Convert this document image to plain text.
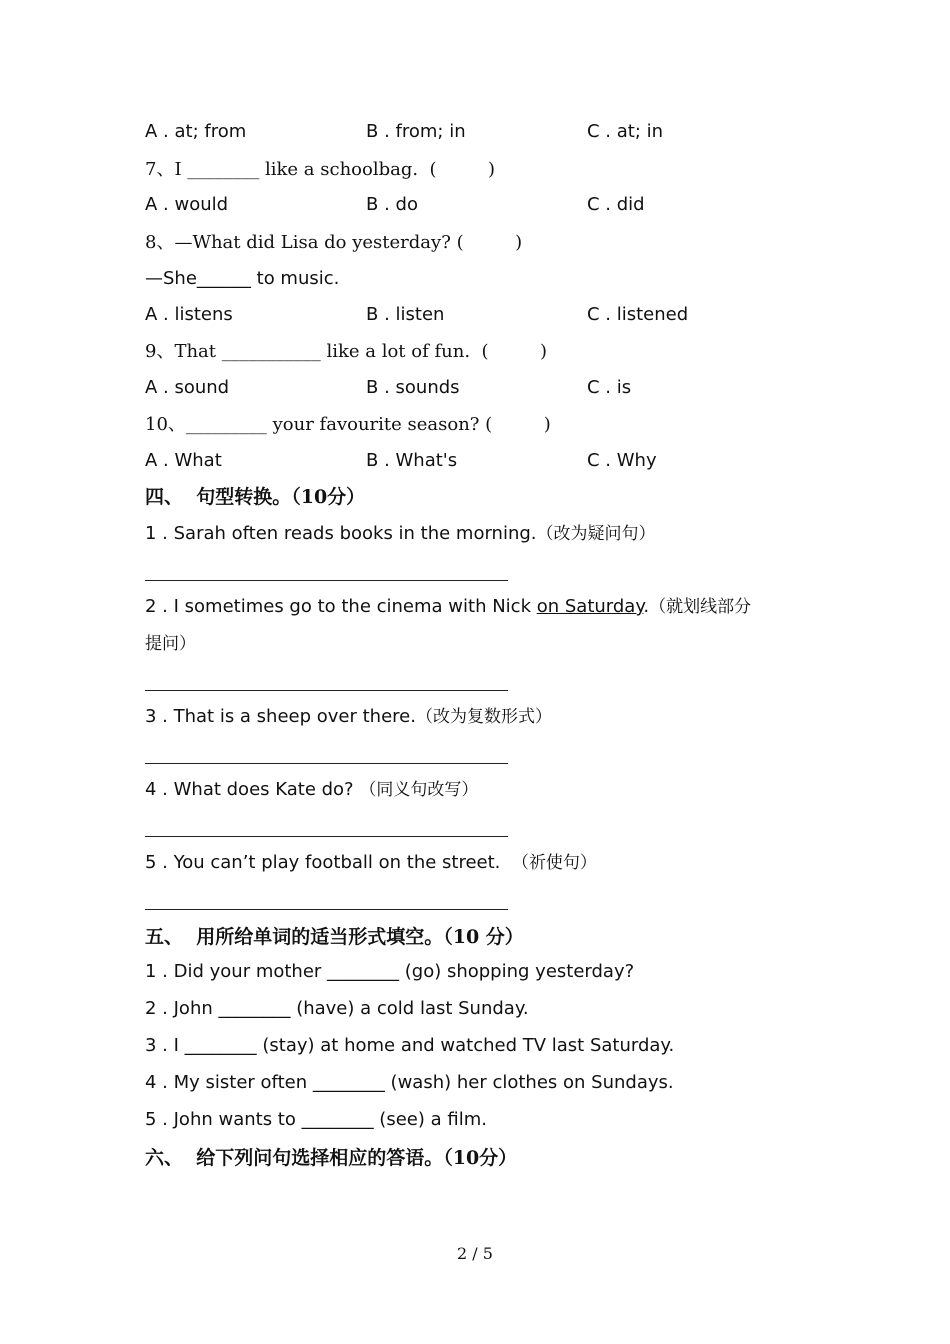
A . at; from	B . from; in	C . at; in
7、I ________ like a schoolbag.  (         )
A . would	B . do	C . did
8、—What did Lisa do yesterday? (         )
—She______ to music.
A . listens	B . listen	C . listened
9、That ___________ like a lot of fun.  (         )
A . sound	B . sounds	C . is
10、_________ your favourite season? (         )
A . What	B . What's	C . Why
四、  句型转换。（10分）
1 . Sarah often reads books in the morning.（改为疑问句）
2 . I sometimes go to the cinema with Nick on Saturday.（就划线部分
提问）
3 . That is a sheep over there.（改为复数形式）
4 . What does Kate do? （同义句改写）
5 . You can’t play football on the street.  （祈使句）
五、  用所给单词的适当形式填空。（10 分）
1 . Did your mother ________ (go) shopping yesterday?
2 . John ________ (have) a cold last Sunday.
3 . I ________ (stay) at home and watched TV last Saturday.
4 . My sister often ________ (wash) her clothes on Sundays.
5 . John wants to ________ (see) a film.
六、  给下列问句选择相应的答语。（10分）
2 / 5
